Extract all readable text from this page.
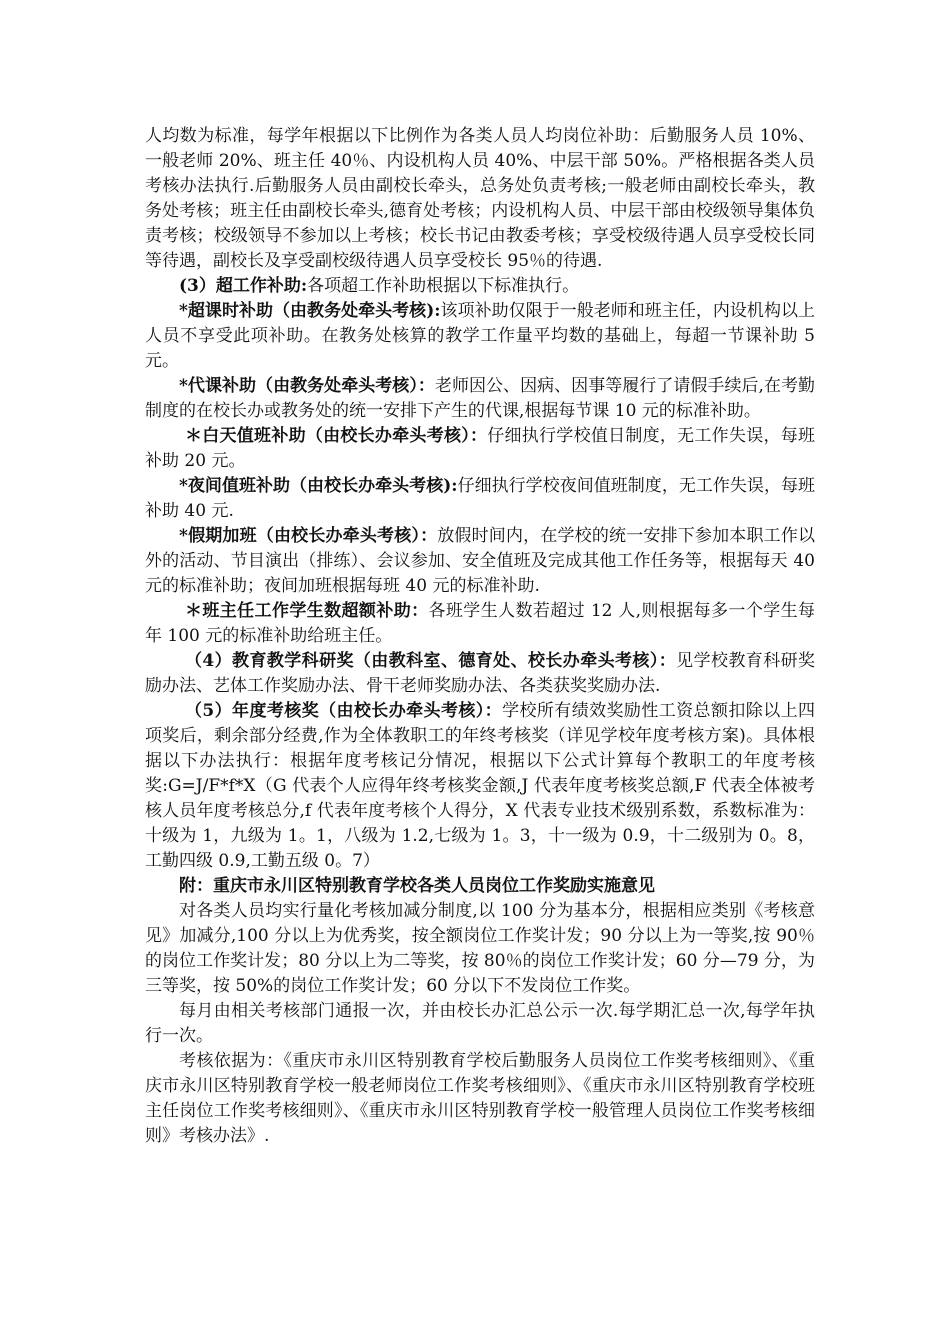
人均数为标准，每学年根据以下比例作为各类人员人均岗位补助：后勤服务人员 10%、一般老师 20%、班主任 40％、内设机构人员 40%、中层干部 50%。严格根据各类人员考核办法执行.后勤服务人员由副校长牵头，总务处负责考核;一般老师由副校长牵头，教务处考核；班主任由副校长牵头,德育处考核；内设机构人员、中层干部由校级领导集体负责考核；校级领导不参加以上考核；校长书记由教委考核；享受校级待遇人员享受校长同等待遇，副校长及享受副校级待遇人员享受校长 95％的待遇.

(3）超工作补助:各项超工作补助根据以下标准执行。

*超课时补助（由教务处牵头考核):该项补助仅限于一般老师和班主任，内设机构以上人员不享受此项补助。在教务处核算的教学工作量平均数的基础上，每超一节课补助 5 元。

*代课补助（由教务处牵头考核）：老师因公、因病、因事等履行了请假手续后,在考勤制度的在校长办或教务处的统一安排下产生的代课,根据每节课 10 元的标准补助。

＊白天值班补助（由校长办牵头考核）：仔细执行学校值日制度，无工作失误，每班补助 20 元。

*夜间值班补助（由校长办牵头考核):仔细执行学校夜间值班制度，无工作失误，每班补助 40 元.

*假期加班（由校长办牵头考核）：放假时间内，在学校的统一安排下参加本职工作以外的活动、节目演出（排练）、会议参加、安全值班及完成其他工作任务等，根据每天 40 元的标准补助；夜间加班根据每班 40 元的标准补助.

＊班主任工作学生数超额补助：各班学生人数若超过 12 人,则根据每多一个学生每年 100 元的标准补助给班主任。

（4）教育教学科研奖（由教科室、德育处、校长办牵头考核）：见学校教育科研奖励办法、艺体工作奖励办法、骨干老师奖励办法、各类获奖奖励办法.

（5）年度考核奖（由校长办牵头考核）：学校所有绩效奖励性工资总额扣除以上四项奖后，剩余部分经费,作为全体教职工的年终考核奖（详见学校年度考核方案)。具体根据以下办法执行：根据年度考核记分情况，根据以下公式计算每个教职工的年度考核奖:G=J/F*f*X（G 代表个人应得年终考核奖金额,J 代表年度考核奖总额,F 代表全体被考核人员年度考核总分,f 代表年度考核个人得分，X 代表专业技术级别系数，系数标准为：十级为 1，九级为 1。1，八级为 1.2,七级为 1。3，十一级为 0.9，十二级别为 0。8，工勤四级 0.9,工勤五级 0。7）

附：重庆市永川区特别教育学校各类人员岗位工作奖励实施意见

对各类人员均实行量化考核加减分制度,以 100 分为基本分，根据相应类别《考核意见》加减分,100 分以上为优秀奖，按全额岗位工作奖计发；90 分以上为一等奖,按 90％的岗位工作奖计发；80 分以上为二等奖，按 80％的岗位工作奖计发；60 分—79 分，为三等奖，按 50%的岗位工作奖计发；60 分以下不发岗位工作奖。

每月由相关考核部门通报一次，并由校长办汇总公示一次.每学期汇总一次,每学年执行一次。

考核依据为：《重庆市永川区特别教育学校后勤服务人员岗位工作奖考核细则》、《重庆市永川区特别教育学校一般老师岗位工作奖考核细则》、《重庆市永川区特别教育学校班主任岗位工作奖考核细则》、《重庆市永川区特别教育学校一般管理人员岗位工作奖考核细则》考核办法》.
